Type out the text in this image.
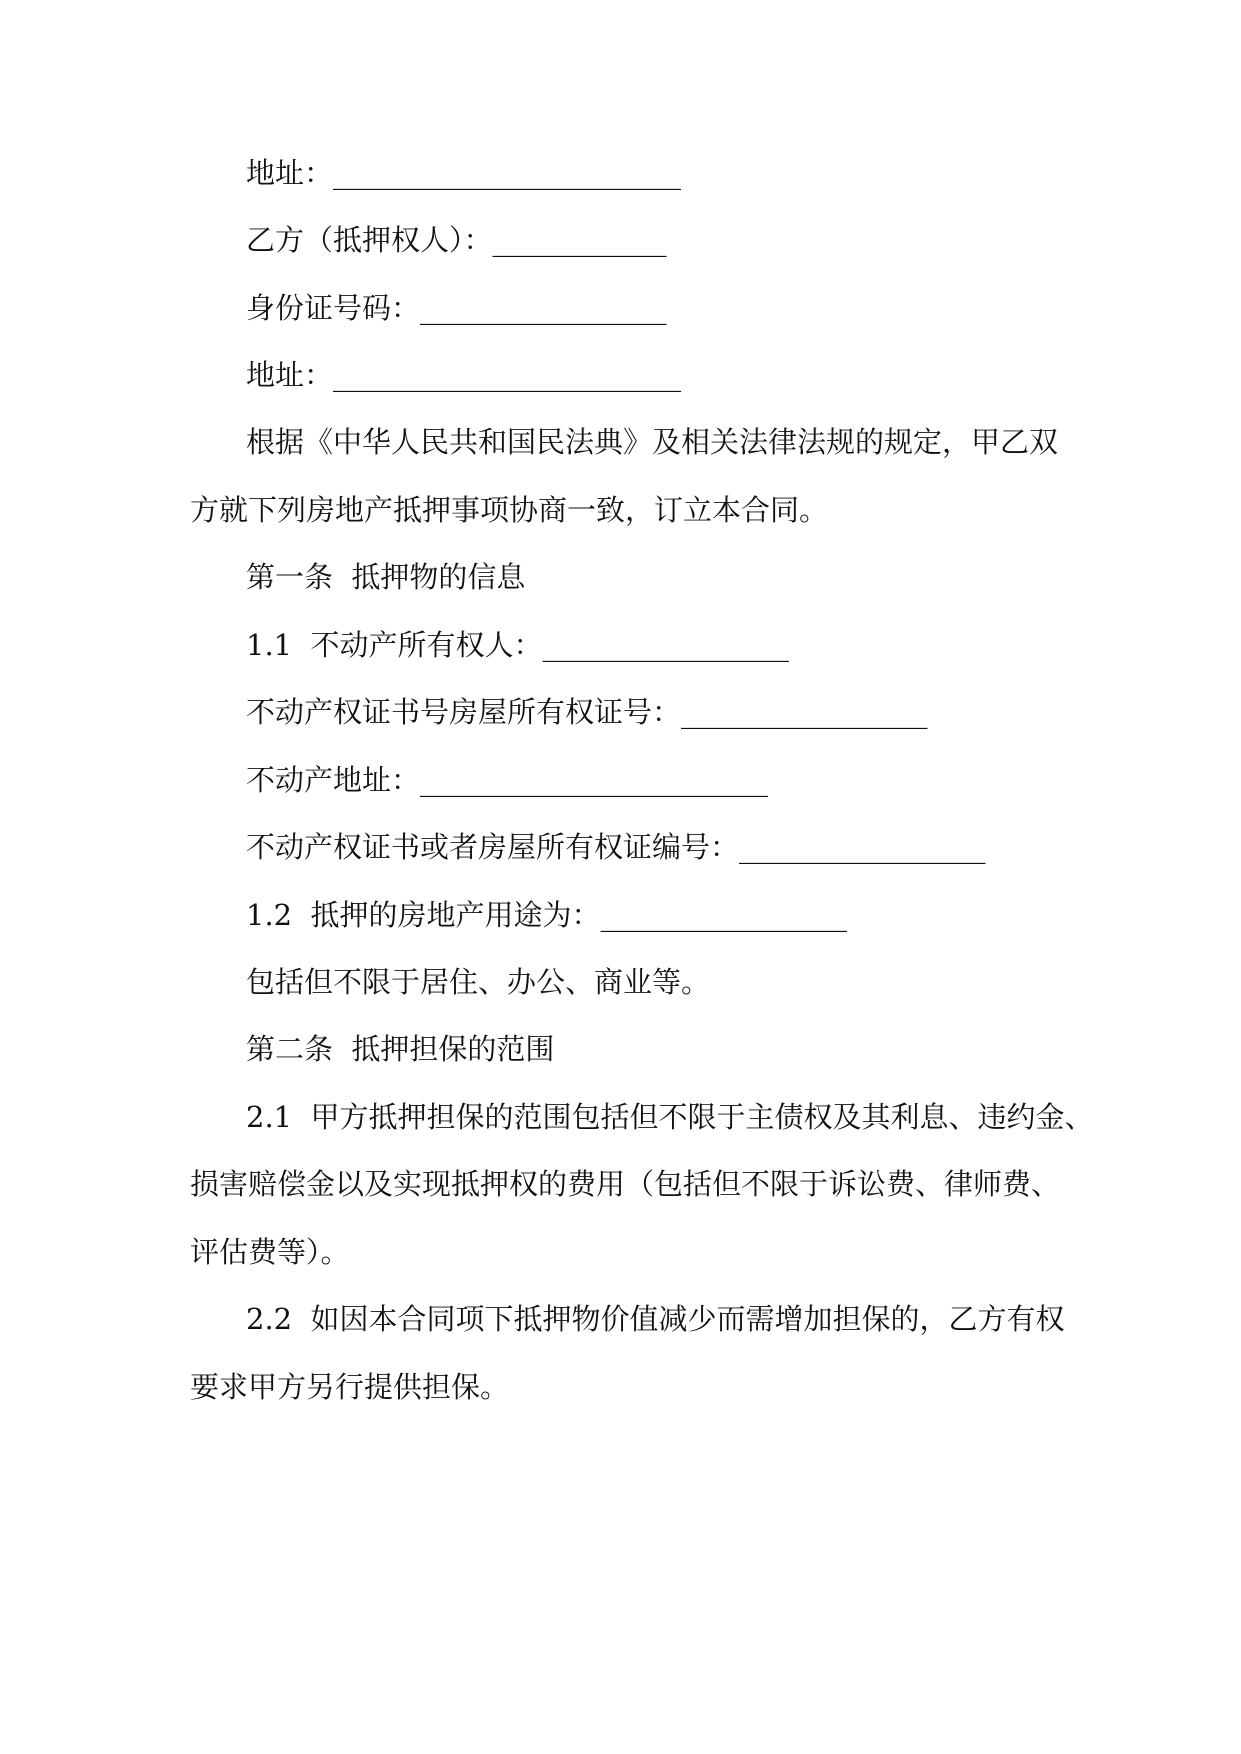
地址：________________________

乙方（抵押权人）：____________

身份证号码：_________________

地址：________________________

根据《中华人民共和国民法典》及相关法律法规的规定，甲乙双

方就下列房地产抵押事项协商一致，订立本合同。

第一条  抵押物的信息

1.1  不动产所有权人：_________________

不动产权证书号房屋所有权证号：_________________

不动产地址：________________________

不动产权证书或者房屋所有权证编号：_________________

1.2  抵押的房地产用途为：_________________

包括但不限于居住、办公、商业等。

第二条  抵押担保的范围

2.1  甲方抵押担保的范围包括但不限于主债权及其利息、违约金、

损害赔偿金以及实现抵押权的费用（包括但不限于诉讼费、律师费、

评估费等）。

2.2  如因本合同项下抵押物价值减少而需增加担保的，乙方有权

要求甲方另行提供担保。
